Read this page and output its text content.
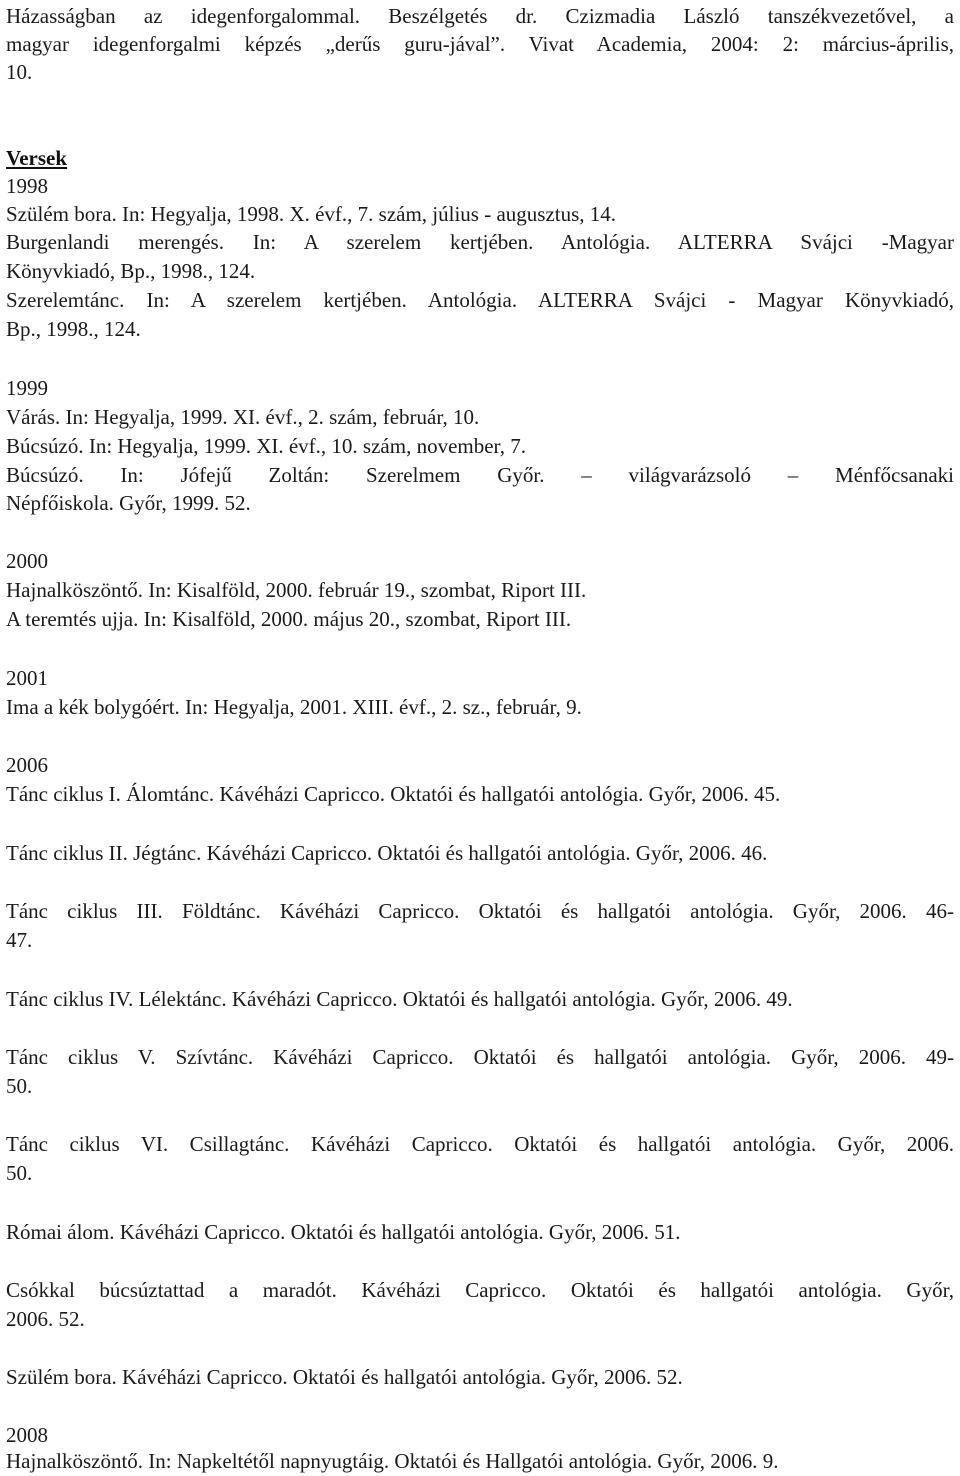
Házasságban az idegenforgalommal. Beszélgetés dr. Czizmadia László tanszékvezetővel, a

magyar idegenforgalmi képzés „derűs guru-jával”. Vivat Academia, 2004: 2: március-április,

10.

Versek

1998

Szülém bora. In: Hegyalja, 1998. X. évf., 7. szám, július - augusztus, 14.

Burgenlandi merengés. In: A szerelem kertjében. Antológia. ALTERRA Svájci -Magyar

Könyvkiadó, Bp., 1998., 124.

Szerelemtánc. In: A szerelem kertjében. Antológia. ALTERRA Svájci - Magyar Könyvkiadó,

Bp., 1998., 124.

1999

Várás. In: Hegyalja, 1999. XI. évf., 2. szám, február, 10.

Búcsúzó. In: Hegyalja, 1999. XI. évf., 10. szám, november, 7.

Búcsúzó. In: Jófejű Zoltán: Szerelmem Győr. – világvarázsoló – Ménfőcsanaki

Népfőiskola. Győr, 1999. 52.

2000

Hajnalköszöntő. In: Kisalföld, 2000. február 19., szombat, Riport III.

A teremtés ujja. In: Kisalföld, 2000. május 20., szombat, Riport III.

2001

Ima a kék bolygóért. In: Hegyalja, 2001. XIII. évf., 2. sz., február, 9.

2006

Tánc ciklus I. Álomtánc. Kávéházi Capricco. Oktatói és hallgatói antológia. Győr, 2006. 45.

Tánc ciklus II. Jégtánc. Kávéházi Capricco. Oktatói és hallgatói antológia. Győr, 2006. 46.

Tánc ciklus III. Földtánc. Kávéházi Capricco. Oktatói és hallgatói antológia. Győr, 2006. 46-

47.

Tánc ciklus IV. Lélektánc. Kávéházi Capricco. Oktatói és hallgatói antológia. Győr, 2006. 49.

Tánc ciklus V. Szívtánc. Kávéházi Capricco. Oktatói és hallgatói antológia. Győr, 2006. 49-

50.

Tánc ciklus VI. Csillagtánc. Kávéházi Capricco. Oktatói és hallgatói antológia. Győr, 2006.

50.

Római álom. Kávéházi Capricco. Oktatói és hallgatói antológia. Győr, 2006. 51.

Csókkal búcsúztattad a maradót. Kávéházi Capricco. Oktatói és hallgatói antológia. Győr,

2006. 52.

Szülém bora. Kávéházi Capricco. Oktatói és hallgatói antológia. Győr, 2006. 52.

2008

Hajnalköszöntő. In: Napkeltétől napnyugtáig. Oktatói és Hallgatói antológia. Győr, 2006. 9.
